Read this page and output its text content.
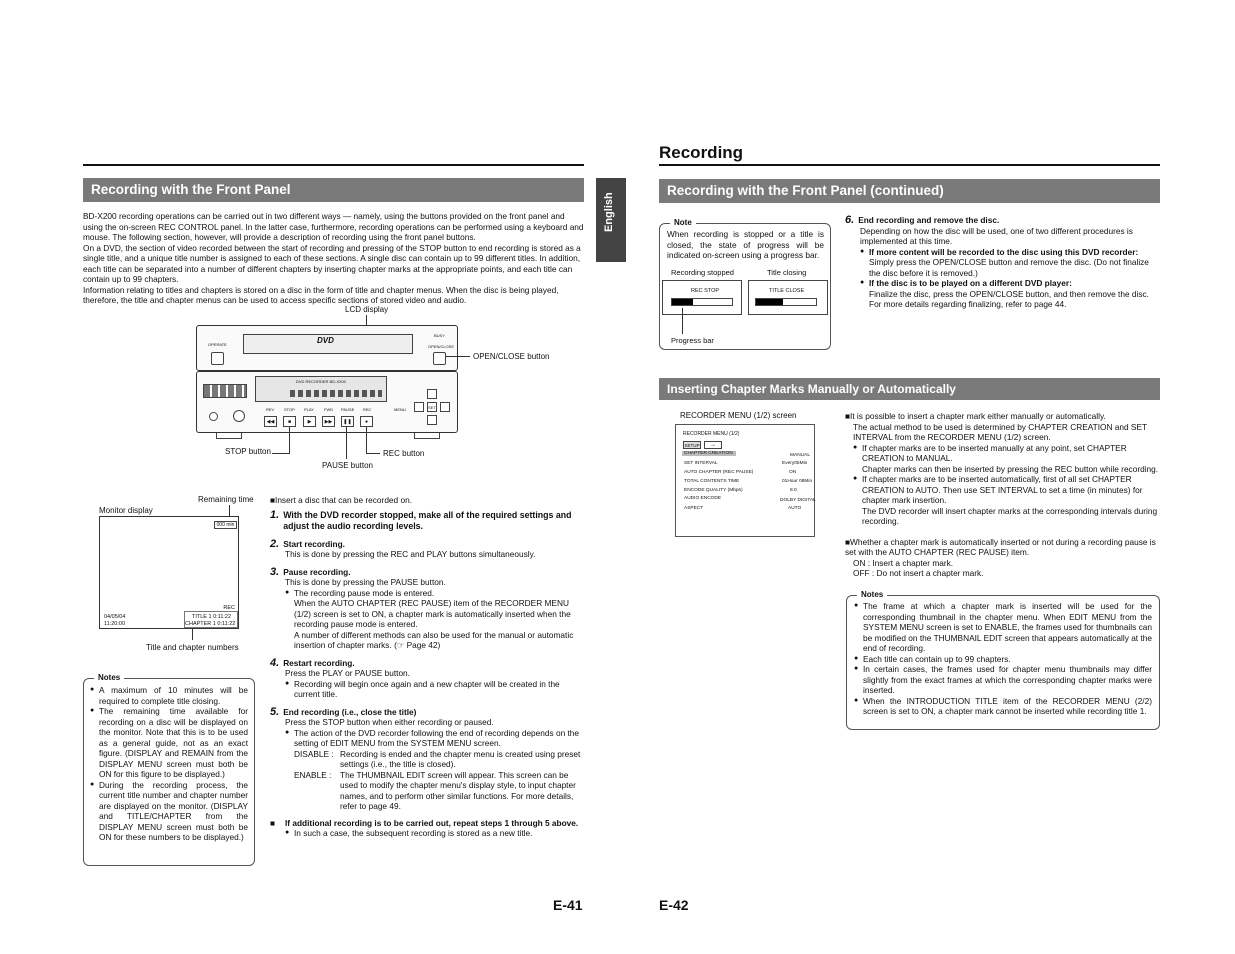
Recording with the Front Panel
BD-X200 recording operations can be carried out in two different ways — namely, using the buttons provided on the front panel and using the on-screen REC CONTROL panel. In the latter case, furthermore, recording operations can be performed using a keyboard and mouse. The following section, however, will provide a description of recording using the front panel buttons.
On a DVD, the section of video recorded between the start of recording and pressing of the STOP button to end recording is stored as a single title, and a unique title number is assigned to each of these sections. A single disc can contain up to 99 different titles. In addition, each title can be separated into a number of different chapters by inserting chapter marks at the appropriate points, and each title can contain up to 99 chapters.
Information relating to titles and chapters is stored on a disc in the form of title and chapter menus. When the disc is being played, therefore, the title and chapter menus can be used to access specific sections of stored video and audio.
LCD display
DVD
OPERATE
BUSY
OPEN/CLOSE
DVD RECORDER BD-X200
◀◀	■	▶	▶▶	❚❚	●
REV STOP PLAY	FWD PAUSE REC	MENU	SET
OPEN/CLOSE button
STOP button
PAUSE button
REC button
Remaining time
Monitor display
000 min
REC
04/05/04
11:20:00
TITLE 1 0:11:22
CHAPTER 1 0:11:22
Title and chapter numbers
Notes
● A maximum of 10 minutes will be required to complete title closing.
● The remaining time available for recording on a disc will be displayed on the monitor. Note that this is to be used as a general guide, not as an exact figure. (DISPLAY and REMAIN from the DISPLAY MENU screen must both be ON for this figure to be displayed.)
● During the recording process, the current title number and chapter number are displayed on the monitor. (DISPLAY and TITLE/CHAPTER from the DISPLAY MENU screen must both be ON for these numbers to be displayed.)
■Insert a disc that can be recorded on.
1. With the DVD recorder stopped, make all of the required settings and adjust the audio recording levels.
2. Start recording.
This is done by pressing the REC and PLAY buttons simultaneously.
3. Pause recording.
This is done by pressing the PAUSE button.
● The recording pause mode is entered.
When the AUTO CHAPTER (REC PAUSE) item of the RECORDER MENU (1/2) screen is set to ON, a chapter mark is automatically inserted when the recording pause mode is entered.
A number of different methods can also be used for the manual or automatic insertion of chapter marks. (☞ Page 42)
4. Restart recording.
Press the PLAY or PAUSE button.
● Recording will begin once again and a new chapter will be created in the current title.
5. End recording (i.e., close the title)
Press the STOP button when either recording or paused.
● The action of the DVD recorder following the end of recording depends on the setting of EDIT MENU from the SYSTEM MENU screen.
DISABLE : Recording is ended and the chapter menu is created using preset settings (i.e., the title is closed).
ENABLE :	The THUMBNAIL EDIT screen will appear. This screen can be used to modify the chapter menu's display style, to input chapter names, and to perform other similar functions. For more details, refer to page 49.
■	If additional recording is to be carried out, repeat steps 1 through 5 above.
● In such a case, the subsequent recording is stored as a new title.
E-41
English
Recording
Recording with the Front Panel (continued)
Note
When recording is stopped or a title is closed, the state of progress will be indicated on-screen using a progress bar.
Recording stopped	Title closing
REC STOP	TITLE CLOSE
Progress bar
6. End recording and remove the disc.
Depending on how the disc will be used, one of two different procedures is implemented at this time.
● If more content will be recorded to the disc using this DVD recorder:
Simply press the OPEN/CLOSE button and remove the disc. (Do not finalize the disc before it is removed.)
● If the disc is to be played on a different DVD player:
Finalize the disc, press the OPEN/CLOSE button, and then remove the disc. For more details regarding finalizing, refer to page 44.
Inserting Chapter Marks Manually or Automatically
RECORDER MENU (1/2) screen
RECORDER MENU (1/2)
SETUP	→
CHAPTER CREATION	MANUAL
SET INTERVAL	Every05Min
AUTO CHAPTER (REC PAUSE)	ON
TOTAL CONTENTS TIME	01Hour 08Min
ENCODE QUALITY (Mbps)	8.0
AUDIO ENCODE	DOLBY DIGITAL
ASPECT	AUTO
■It is possible to insert a chapter mark either manually or automatically.
The actual method to be used is determined by CHAPTER CREATION and SET INTERVAL from the RECORDER MENU (1/2) screen.
● If chapter marks are to be inserted manually at any point, set CHAPTER CREATION to MANUAL.
Chapter marks can then be inserted by pressing the REC button while recording.
● If chapter marks are to be inserted automatically, first of all set CHAPTER CREATION to AUTO. Then use SET INTERVAL to set a time (in minutes) for chapter mark insertion.
The DVD recorder will insert chapter marks at the corresponding intervals during recording.
■Whether a chapter mark is automatically inserted or not during a recording pause is set with the AUTO CHAPTER (REC PAUSE) item.
ON : Insert a chapter mark.
OFF : Do not insert a chapter mark.
Notes
● The frame at which a chapter mark is inserted will be used for the corresponding thumbnail in the chapter menu. When EDIT MENU from the SYSTEM MENU screen is set to ENABLE, the frames used for thumbnails can be modified on the THUMBNAIL EDIT screen that appears automatically at the end of recording.
● Each title can contain up to 99 chapters.
● In certain cases, the frames used for chapter menu thumbnails may differ slightly from the exact frames at which the corresponding chapter marks were inserted.
● When the INTRODUCTION TITLE item of the RECORDER MENU (2/2) screen is set to ON, a chapter mark cannot be inserted while recording title 1.
E-42
